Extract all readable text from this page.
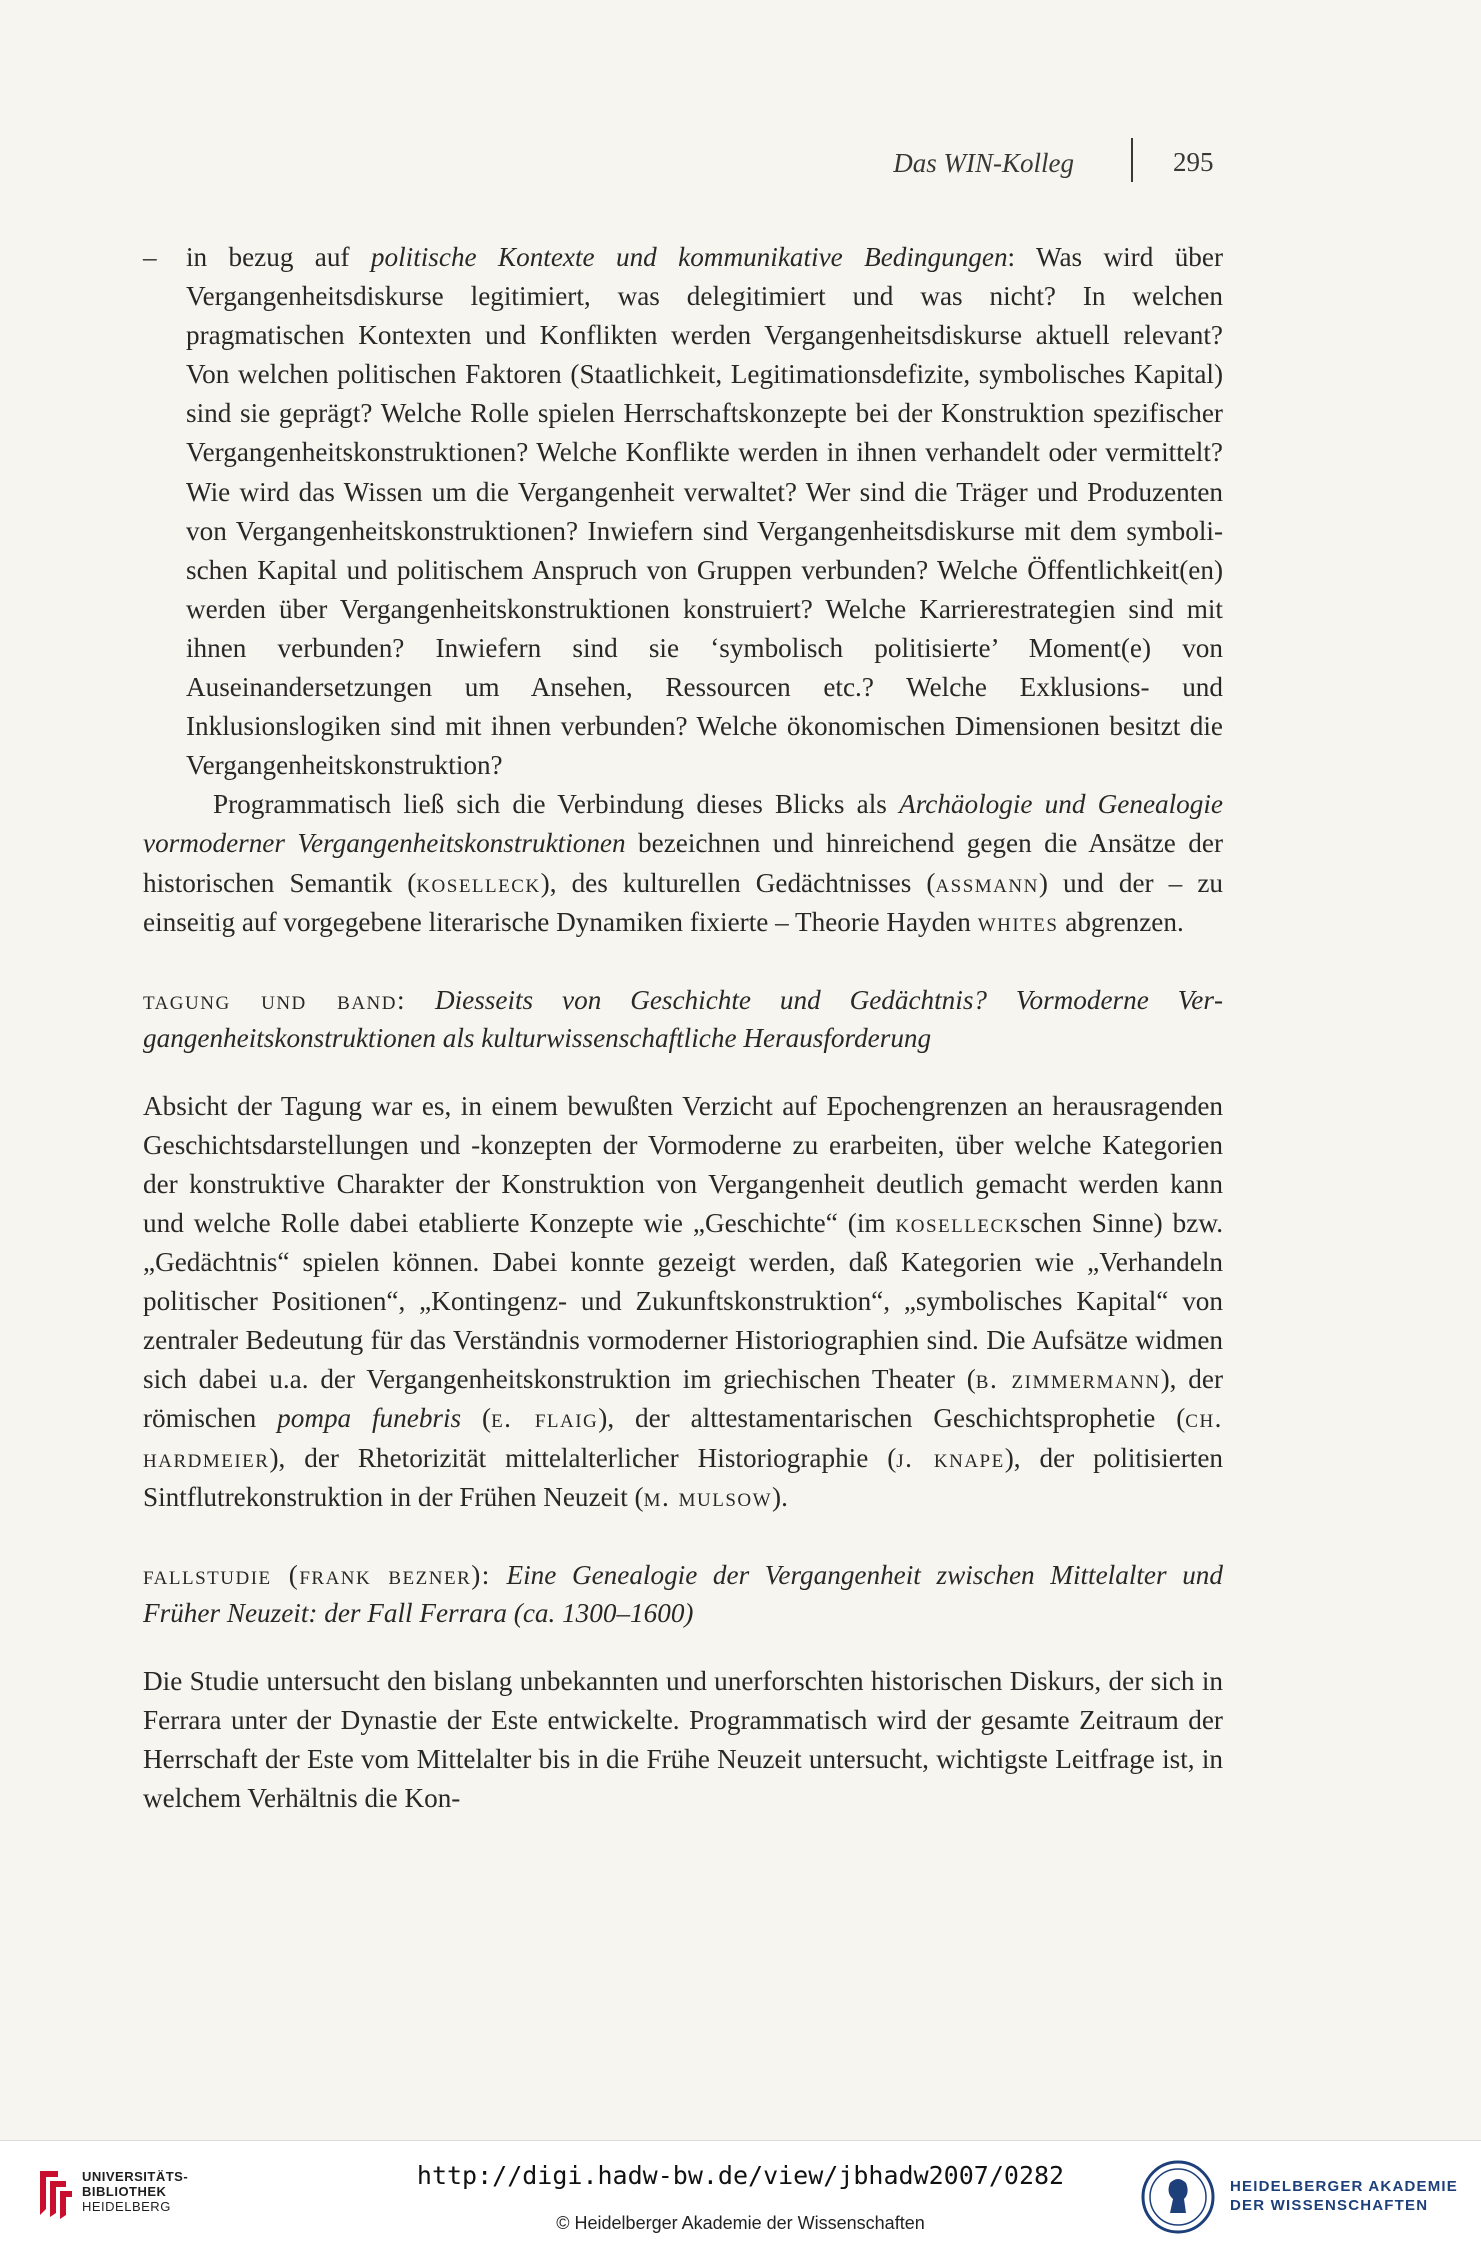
Das WIN-Kolleg	295

– in bezug auf politische Kontexte und kommunikative Bedingungen: Was wird über Vergangenheitsdiskurse legitimiert, was delegitimiert und was nicht? In welchen pragmatischen Kontexten und Konflikten werden Vergangenheitsdiskurse aktuell relevant? Von welchen politischen Faktoren (Staatlichkeit, Legitimationsdefizite, symbolisches Kapital) sind sie geprägt? Welche Rolle spielen Herrschaftskonzepte bei der Konstruktion spezifischer Vergangenheitskonstruktionen? Welche Konflikte werden in ihnen verhandelt oder vermittelt? Wie wird das Wissen um die Vergangenheit verwaltet? Wer sind die Träger und Produzenten von Vergangenheitskonstruktionen? Inwiefern sind Vergangenheitsdiskurse mit dem symbolischen Kapital und politischem Anspruch von Gruppen verbunden? Welche Öffentlichkeit(en) werden über Vergangenheitskonstruktionen konstruiert? Welche Karrierestrategien sind mit ihnen verbunden? Inwiefern sind sie ‘symbolisch politisierte’ Moment(e) von Auseinandersetzungen um Ansehen, Ressourcen etc.? Welche Exklusions- und Inklusionslogiken sind mit ihnen verbunden? Welche ökonomischen Dimensionen besitzt die Vergangenheitskonstruktion?

Programmatisch ließ sich die Verbindung dieses Blicks als Archäologie und Genealogie vormoderner Vergangenheitskonstruktionen bezeichnen und hinreichend gegen die Ansätze der historischen Semantik (koselleck), des kulturellen Gedächtnisses (assmann) und der – zu einseitig auf vorgegebene literarische Dynamiken fixierte – Theorie Hayden whites abgrenzen.

tagung und band: Diesseits von Geschichte und Gedächtnis? Vormoderne Vergangenheitskonstruktionen als kulturwissenschaftliche Herausforderung

Absicht der Tagung war es, in einem bewußten Verzicht auf Epochengrenzen an herausragenden Geschichtsdarstellungen und -konzepten der Vormoderne zu erarbeiten, über welche Kategorien der konstruktive Charakter der Konstruktion von Vergangenheit deutlich gemacht werden kann und welche Rolle dabei etablierte Konzepte wie „Geschichte“ (im koselleckschen Sinne) bzw. „Gedächtnis“ spielen können. Dabei konnte gezeigt werden, daß Kategorien wie „Verhandeln politischer Positionen“, „Kontingenz- und Zukunftskonstruktion“, „symbolisches Kapital“ von zentraler Bedeutung für das Verständnis vormoderner Historiographien sind. Die Aufsätze widmen sich dabei u.a. der Vergangenheitskonstruktion im griechischen Theater (b. zimmermann), der römischen pompa funebris (e. flaig), der alttestamentarischen Geschichtsprophetie (ch. hardmeier), der Rhetorizität mittelalterlicher Historiographie (j. knape), der politisierten Sintflutrekonstruktion in der Frühen Neuzeit (m. mulsow).

fallstudie (frank bezner): Eine Genealogie der Vergangenheit zwischen Mittelalter und Früher Neuzeit: der Fall Ferrara (ca. 1300–1600)

Die Studie untersucht den bislang unbekannten und unerforschten historischen Diskurs, der sich in Ferrara unter der Dynastie der Este entwickelte. Programmatisch wird der gesamte Zeitraum der Herrschaft der Este vom Mittelalter bis in die Frühe Neuzeit untersucht, wichtigste Leitfrage ist, in welchem Verhältnis die Kon-

UNIVERSITÄTS-
BIBLIOTHEK
HEIDELBERG
http://digi.hadw-bw.de/view/jbhadw2007/0282
© Heidelberger Akademie der Wissenschaften
HEIDELBERGER AKADEMIE
DER WISSENSCHAFTEN
